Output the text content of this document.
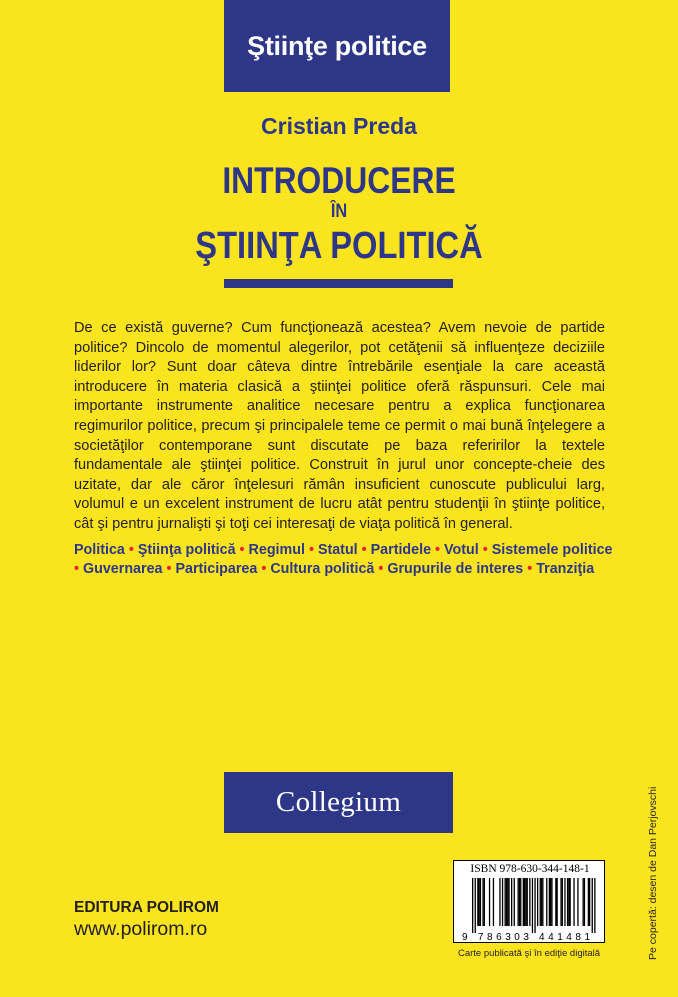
Ştiinţe politice
Cristian Preda
INTRODUCERE
ÎN
ŞTIINŢA POLITICĂ

De ce există guverne? Cum funcţionează acestea? Avem nevoie de partide politice? Dincolo de momentul alegerilor, pot cetăţenii să influenţeze deciziile liderilor lor? Sunt doar câteva dintre întrebările esenţiale la care această introducere în materia clasică a ştiinţei politice oferă răspunsuri. Cele mai importante instrumente analitice necesare pentru a explica funcţionarea regimurilor politice, precum şi principalele teme ce permit o mai bună înţelegere a societăţilor contemporane sunt discutate pe baza referirilor la textele fundamentale ale ştiinţei politice. Construit în jurul unor concepte-cheie des uzitate, dar ale căror înţelesuri rămân insuficient cunoscute publicului larg, volumul e un excelent instrument de lucru atât pentru studenţii în ştiinţe politice, cât şi pentru jurnalişti şi toţi cei interesaţi de viaţa politică în general.

Politica • Ştiinţa politică • Regimul • Statul • Partidele • Votul • Sistemele politice • Guvernarea • Participarea • Cultura politică • Grupurile de interes • Tranziţia

Collegium
EDITURA POLIROM
www.polirom.ro
ISBN 978-630-344-148-1
9 7 8 6 3 0 3 4 4 1 4 8 1
Carte publicată şi în ediţie digitală	Pe copertă: desen de Dan Perjovschi
